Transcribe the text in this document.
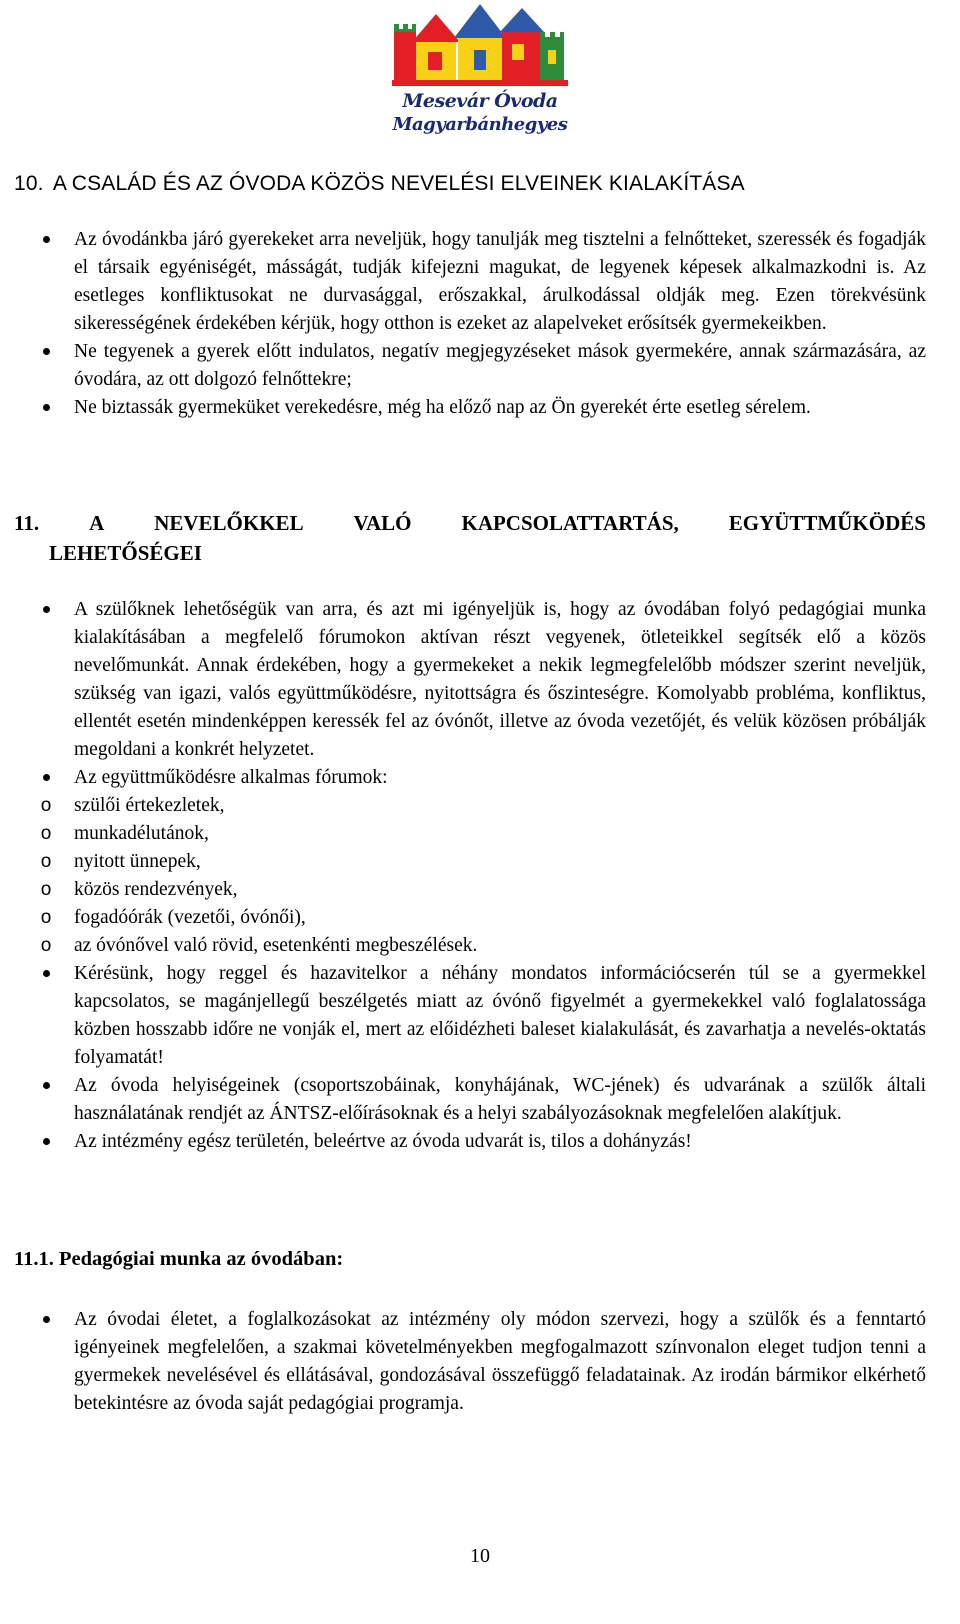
Mesevár Óvoda
Magyarbánhegyes
10. A CSALÁD ÉS AZ ÓVODA KÖZÖS NEVELÉSI ELVEINEK KIALAKÍTÁSA
Az óvodánkba járó gyerekeket arra neveljük, hogy tanulják meg tisztelni a felnőtteket, szeressék és fogadják el társaik egyéniségét, másságát, tudják kifejezni magukat, de legyenek képesek alkalmazkodni is. Az esetleges konfliktusokat ne durvasággal, erőszakkal, árulkodással oldják meg. Ezen törekvésünk sikerességének érdekében kérjük, hogy otthon is ezeket az alapelveket erősítsék gyermekeikben.
Ne tegyenek a gyerek előtt indulatos, negatív megjegyzéseket mások gyermekére, annak származására, az óvodára, az ott dolgozó felnőttekre;
Ne biztassák gyermeküket verekedésre, még ha előző nap az Ön gyerekét érte esetleg sérelem.
11. A NEVELŐKKEL VALÓ KAPCSOLATTARTÁS, EGYÜTTMŰKÖDÉS
LEHETŐSÉGEI
A szülőknek lehetőségük van arra, és azt mi igényeljük is, hogy az óvodában folyó pedagógiai munka kialakításában a megfelelő fórumokon aktívan részt vegyenek, ötleteikkel segítsék elő a közös nevelőmunkát. Annak érdekében, hogy a gyermekeket a nekik legmegfelelőbb módszer szerint neveljük, szükség van igazi, valós együttműködésre, nyitottságra és őszinteségre. Komolyabb probléma, konfliktus, ellentét esetén mindenképpen keressék fel az óvónőt, illetve az óvoda vezetőjét, és velük közösen próbálják megoldani a konkrét helyzetet.
Az együttműködésre alkalmas fórumok:
o szülői értekezletek,
o munkadélutánok,
o nyitott ünnepek,
o közös rendezvények,
o fogadóórák (vezetői, óvónői),
o az óvónővel való rövid, esetenkénti megbeszélések.
Kérésünk, hogy reggel és hazavitelkor a néhány mondatos információcserén túl se a gyermekkel kapcsolatos, se magánjellegű beszélgetés miatt az óvónő figyelmét a gyermekekkel való foglalatossága közben hosszabb időre ne vonják el, mert az előidézheti baleset kialakulását, és zavarhatja a nevelés-oktatás folyamatát!
Az óvoda helyiségeinek (csoportszobáinak, konyhájának, WC-jének) és udvarának a szülők általi használatának rendjét az ÁNTSZ-előírásoknak és a helyi szabályozásoknak megfelelően alakítjuk.
Az intézmény egész területén, beleértve az óvoda udvarát is, tilos a dohányzás!
11.1. Pedagógiai munka az óvodában:
Az óvodai életet, a foglalkozásokat az intézmény oly módon szervezi, hogy a szülők és a fenntartó igényeinek megfelelően, a szakmai követelményekben megfogalmazott színvonalon eleget tudjon tenni a gyermekek nevelésével és ellátásával, gondozásával összefüggő feladatainak. Az irodán bármikor elkérhető betekintésre az óvoda saját pedagógiai programja.
10
